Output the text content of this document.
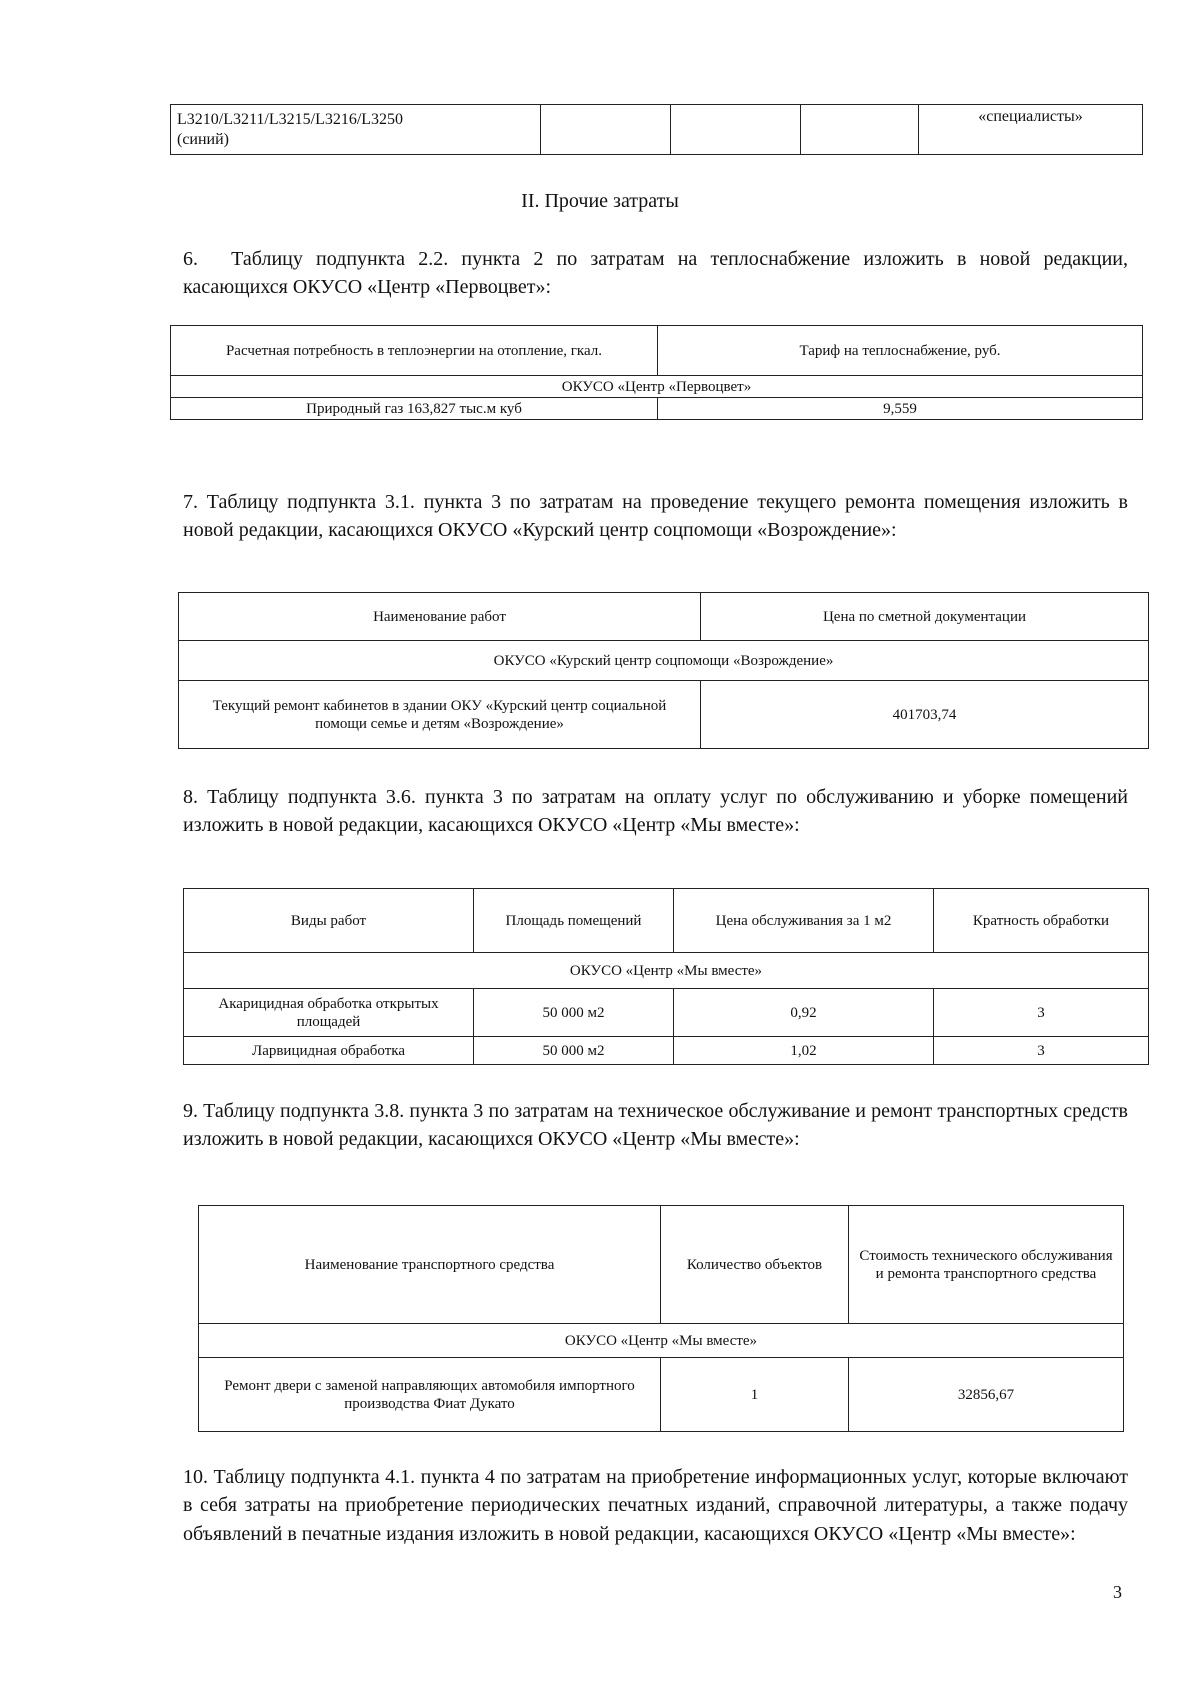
L3210/L3211/L3215/L3216/L3250
(синий)				«специалисты»
II. Прочие затраты
6.  Таблицу подпункта 2.2. пункта 2 по затратам на теплоснабжение изложить в новой редакции, касающихся ОКУСО «Центр «Первоцвет»:
Расчетная потребность в теплоэнергии на отопление, гкал.	Тариф на теплоснабжение, руб.
ОКУСО «Центр «Первоцвет»	
Природный газ 163,827 тыс.м куб	9,559
7. Таблицу подпункта 3.1. пункта 3 по затратам на проведение текущего ремонта помещения изложить в новой редакции, касающихся ОКУСО «Курский центр соцпомощи «Возрождение»:
Наименование работ	Цена по сметной документации
ОКУСО «Курский центр соцпомощи «Возрождение»	
Текущий ремонт кабинетов в здании ОКУ «Курский центр социальной помощи семье и детям «Возрождение»	401703,74
8. Таблицу подпункта 3.6. пункта 3 по затратам на оплату услуг по обслуживанию и уборке помещений изложить в новой редакции, касающихся ОКУСО «Центр «Мы вместе»:
Виды работ	Площадь помещений	Цена обслуживания за 1 м2	Кратность обработки
ОКУСО «Центр «Мы вместе»			
Акарицидная обработка открытых площадей	50 000 м2	0,92	3
Ларвицидная обработка	50 000 м2	1,02	3
9. Таблицу подпункта 3.8. пункта 3 по затратам на техническое обслуживание и ремонт транспортных средств изложить в новой редакции, касающихся ОКУСО «Центр «Мы вместе»:
Наименование транспортного средства	Количество объектов	Стоимость технического обслуживания и ремонта транспортного средства
ОКУСО «Центр «Мы вместе»		
Ремонт двери с заменой направляющих автомобиля импортного производства Фиат Дукато	1	32856,67
10. Таблицу подпункта 4.1. пункта 4 по затратам на приобретение информационных услуг, которые включают в себя затраты на приобретение периодических печатных изданий, справочной литературы, а также подачу объявлений в печатные издания изложить в новой редакции, касающихся ОКУСО «Центр «Мы вместе»:
3
